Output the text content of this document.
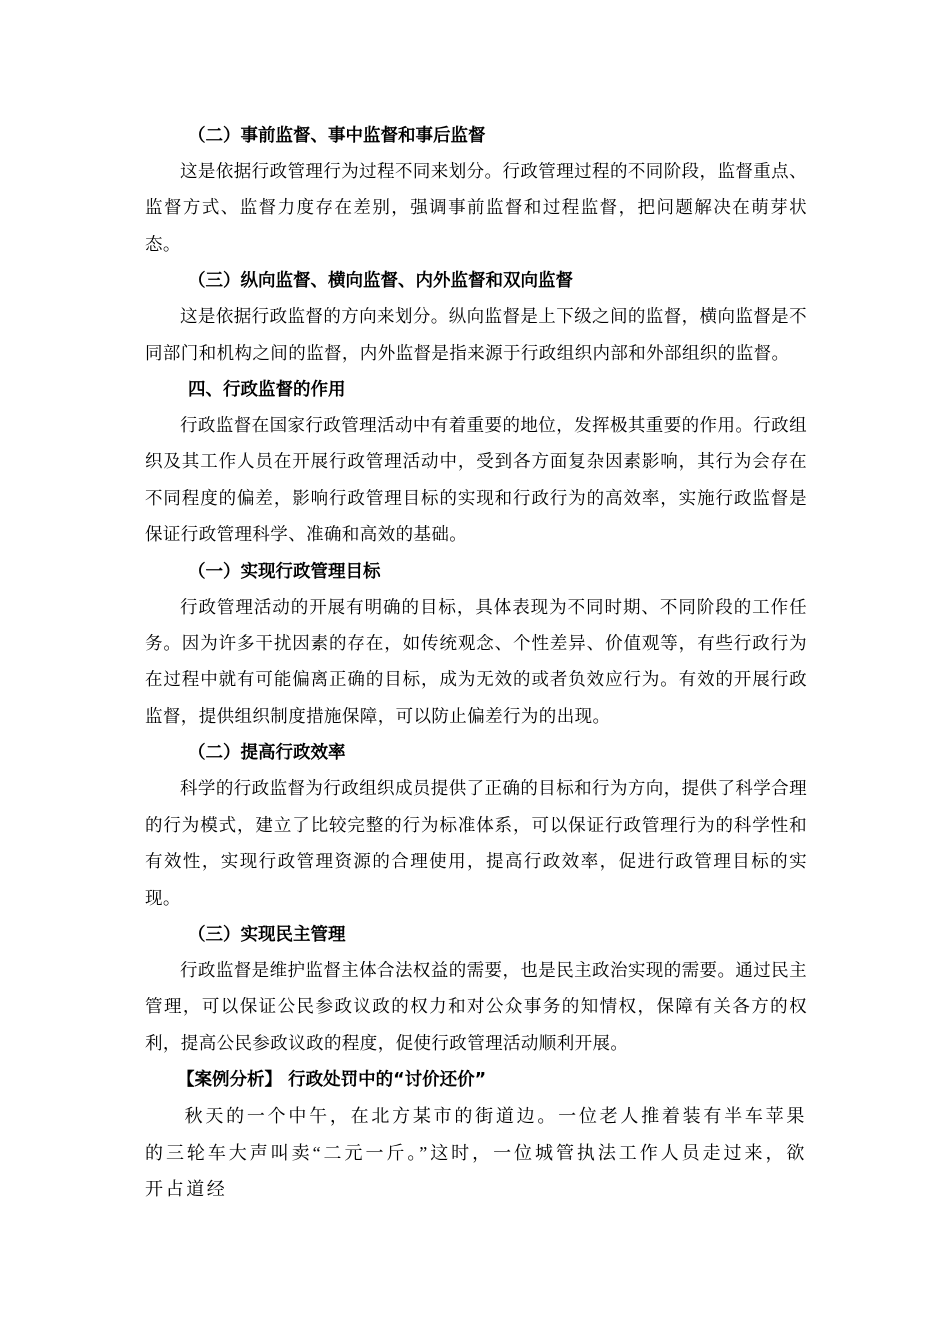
（二）事前监督、事中监督和事后监督

这是依据行政管理行为过程不同来划分。行政管理过程的不同阶段，监督重点、监督方式、监督力度存在差别，强调事前监督和过程监督，把问题解决在萌芽状态。

（三）纵向监督、横向监督、内外监督和双向监督

这是依据行政监督的方向来划分。纵向监督是上下级之间的监督，横向监督是不同部门和机构之间的监督，内外监督是指来源于行政组织内部和外部组织的监督。

四、行政监督的作用

行政监督在国家行政管理活动中有着重要的地位，发挥极其重要的作用。行政组织及其工作人员在开展行政管理活动中，受到各方面复杂因素影响，其行为会存在不同程度的偏差，影响行政管理目标的实现和行政行为的高效率，实施行政监督是保证行政管理科学、准确和高效的基础。

（一）实现行政管理目标

行政管理活动的开展有明确的目标，具体表现为不同时期、不同阶段的工作任务。因为许多干扰因素的存在，如传统观念、个性差异、价值观等，有些行政行为在过程中就有可能偏离正确的目标，成为无效的或者负效应行为。有效的开展行政监督，提供组织制度措施保障，可以防止偏差行为的出现。

（二）提高行政效率

科学的行政监督为行政组织成员提供了正确的目标和行为方向，提供了科学合理的行为模式，建立了比较完整的行为标准体系，可以保证行政管理行为的科学性和有效性，实现行政管理资源的合理使用，提高行政效率，促进行政管理目标的实现。

（三）实现民主管理

行政监督是维护监督主体合法权益的需要，也是民主政治实现的需要。通过民主管理，可以保证公民参政议政的权力和对公众事务的知情权，保障有关各方的权利，提高公民参政议政的程度，促使行政管理活动顺利开展。

【案例分析】 行政处罚中的“讨价还价”

秋天的一个中午，在北方某市的街道边。一位老人推着装有半车苹果的三轮车大声叫卖“二元一斤。”这时，一位城管执法工作人员走过来，欲开占道经
